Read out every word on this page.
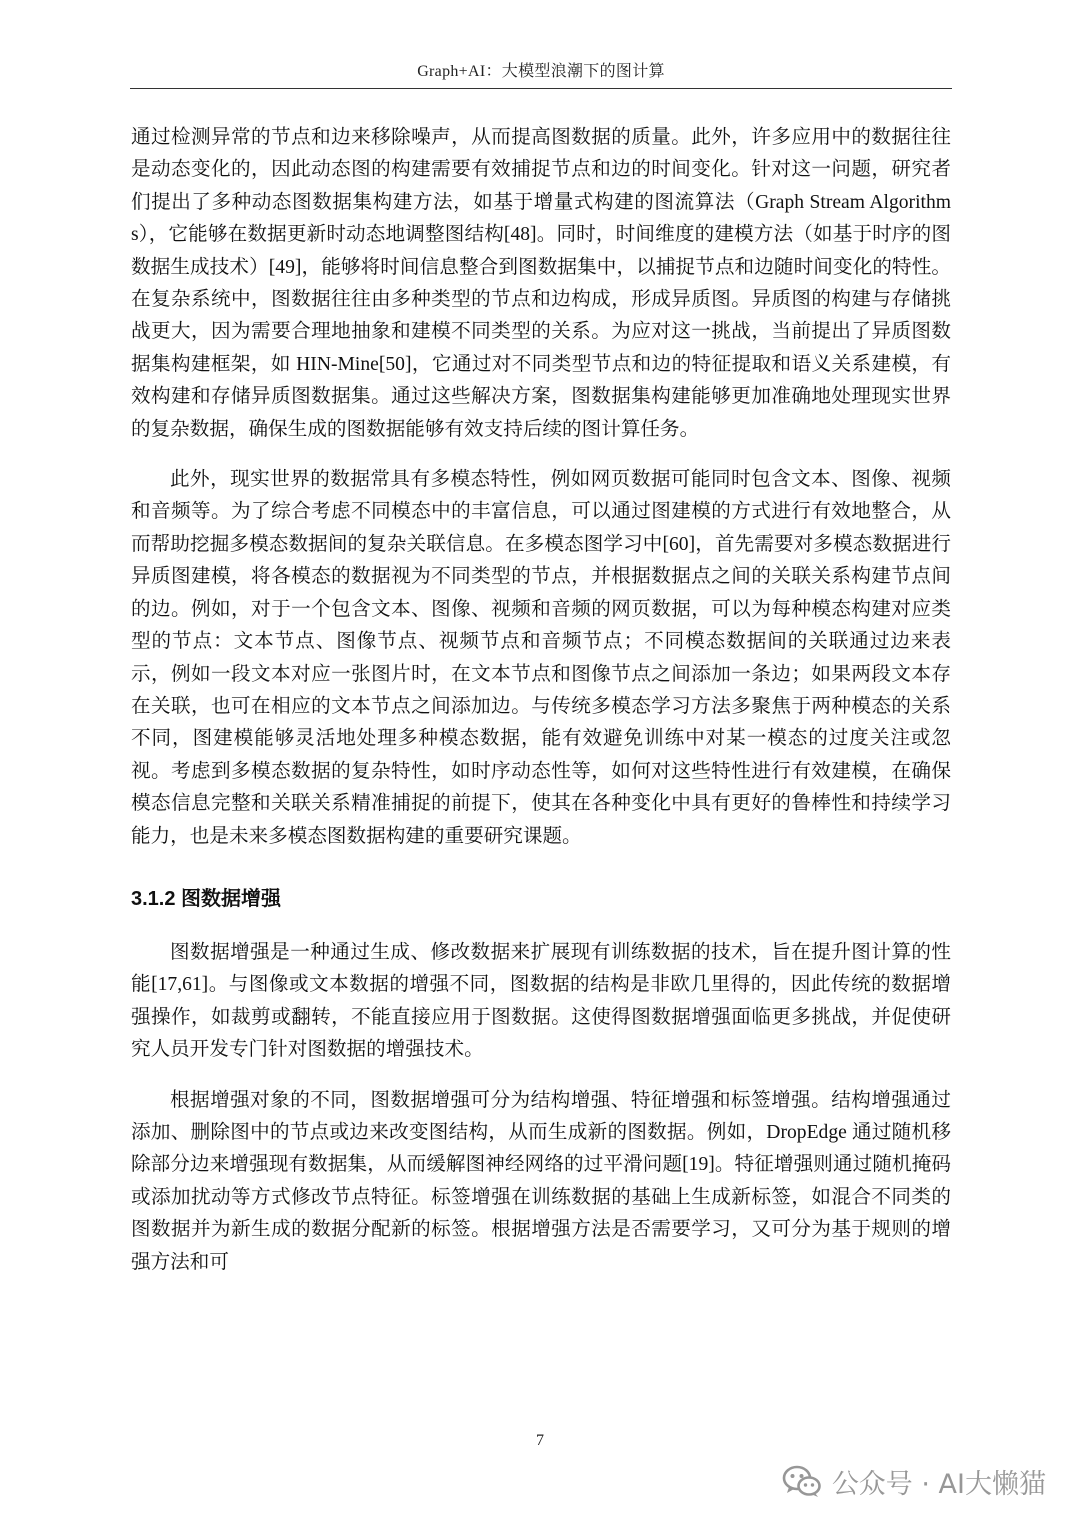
Graph+AI：大模型浪潮下的图计算

通过检测异常的节点和边来移除噪声，从而提高图数据的质量。此外，许多应用中的数据往往是动态变化的，因此动态图的构建需要有效捕捉节点和边的时间变化。针对这一问题，研究者们提出了多种动态图数据集构建方法，如基于增量式构建的图流算法（Graph Stream Algorithms），它能够在数据更新时动态地调整图结构[48]。同时，时间维度的建模方法（如基于时序的图数据生成技术）[49]，能够将时间信息整合到图数据集中，以捕捉节点和边随时间变化的特性。在复杂系统中，图数据往往由多种类型的节点和边构成，形成异质图。异质图的构建与存储挑战更大，因为需要合理地抽象和建模不同类型的关系。为应对这一挑战，当前提出了异质图数据集构建框架，如 HIN-Mine[50]，它通过对不同类型节点和边的特征提取和语义关系建模，有效构建和存储异质图数据集。通过这些解决方案，图数据集构建能够更加准确地处理现实世界的复杂数据，确保生成的图数据能够有效支持后续的图计算任务。

此外，现实世界的数据常具有多模态特性，例如网页数据可能同时包含文本、图像、视频和音频等。为了综合考虑不同模态中的丰富信息，可以通过图建模的方式进行有效地整合，从而帮助挖掘多模态数据间的复杂关联信息。在多模态图学习中[60]，首先需要对多模态数据进行异质图建模，将各模态的数据视为不同类型的节点，并根据数据点之间的关联关系构建节点间的边。例如，对于一个包含文本、图像、视频和音频的网页数据，可以为每种模态构建对应类型的节点：文本节点、图像节点、视频节点和音频节点；不同模态数据间的关联通过边来表示，例如一段文本对应一张图片时，在文本节点和图像节点之间添加一条边；如果两段文本存在关联，也可在相应的文本节点之间添加边。与传统多模态学习方法多聚焦于两种模态的关系不同，图建模能够灵活地处理多种模态数据，能有效避免训练中对某一模态的过度关注或忽视。考虑到多模态数据的复杂特性，如时序动态性等，如何对这些特性进行有效建模，在确保模态信息完整和关联关系精准捕捉的前提下，使其在各种变化中具有更好的鲁棒性和持续学习能力，也是未来多模态图数据构建的重要研究课题。

3.1.2 图数据增强

图数据增强是一种通过生成、修改数据来扩展现有训练数据的技术，旨在提升图计算的性能[17,61]。与图像或文本数据的增强不同，图数据的结构是非欧几里得的，因此传统的数据增强操作，如裁剪或翻转，不能直接应用于图数据。这使得图数据增强面临更多挑战，并促使研究人员开发专门针对图数据的增强技术。

根据增强对象的不同，图数据增强可分为结构增强、特征增强和标签增强。结构增强通过添加、删除图中的节点或边来改变图结构，从而生成新的图数据。例如，DropEdge 通过随机移除部分边来增强现有数据集，从而缓解图神经网络的过平滑问题[19]。特征增强则通过随机掩码或添加扰动等方式修改节点特征。标签增强在训练数据的基础上生成新标签，如混合不同类的图数据并为新生成的数据分配新的标签。根据增强方法是否需要学习，又可分为基于规则的增强方法和可

7
公众号 · AI大懒猫
